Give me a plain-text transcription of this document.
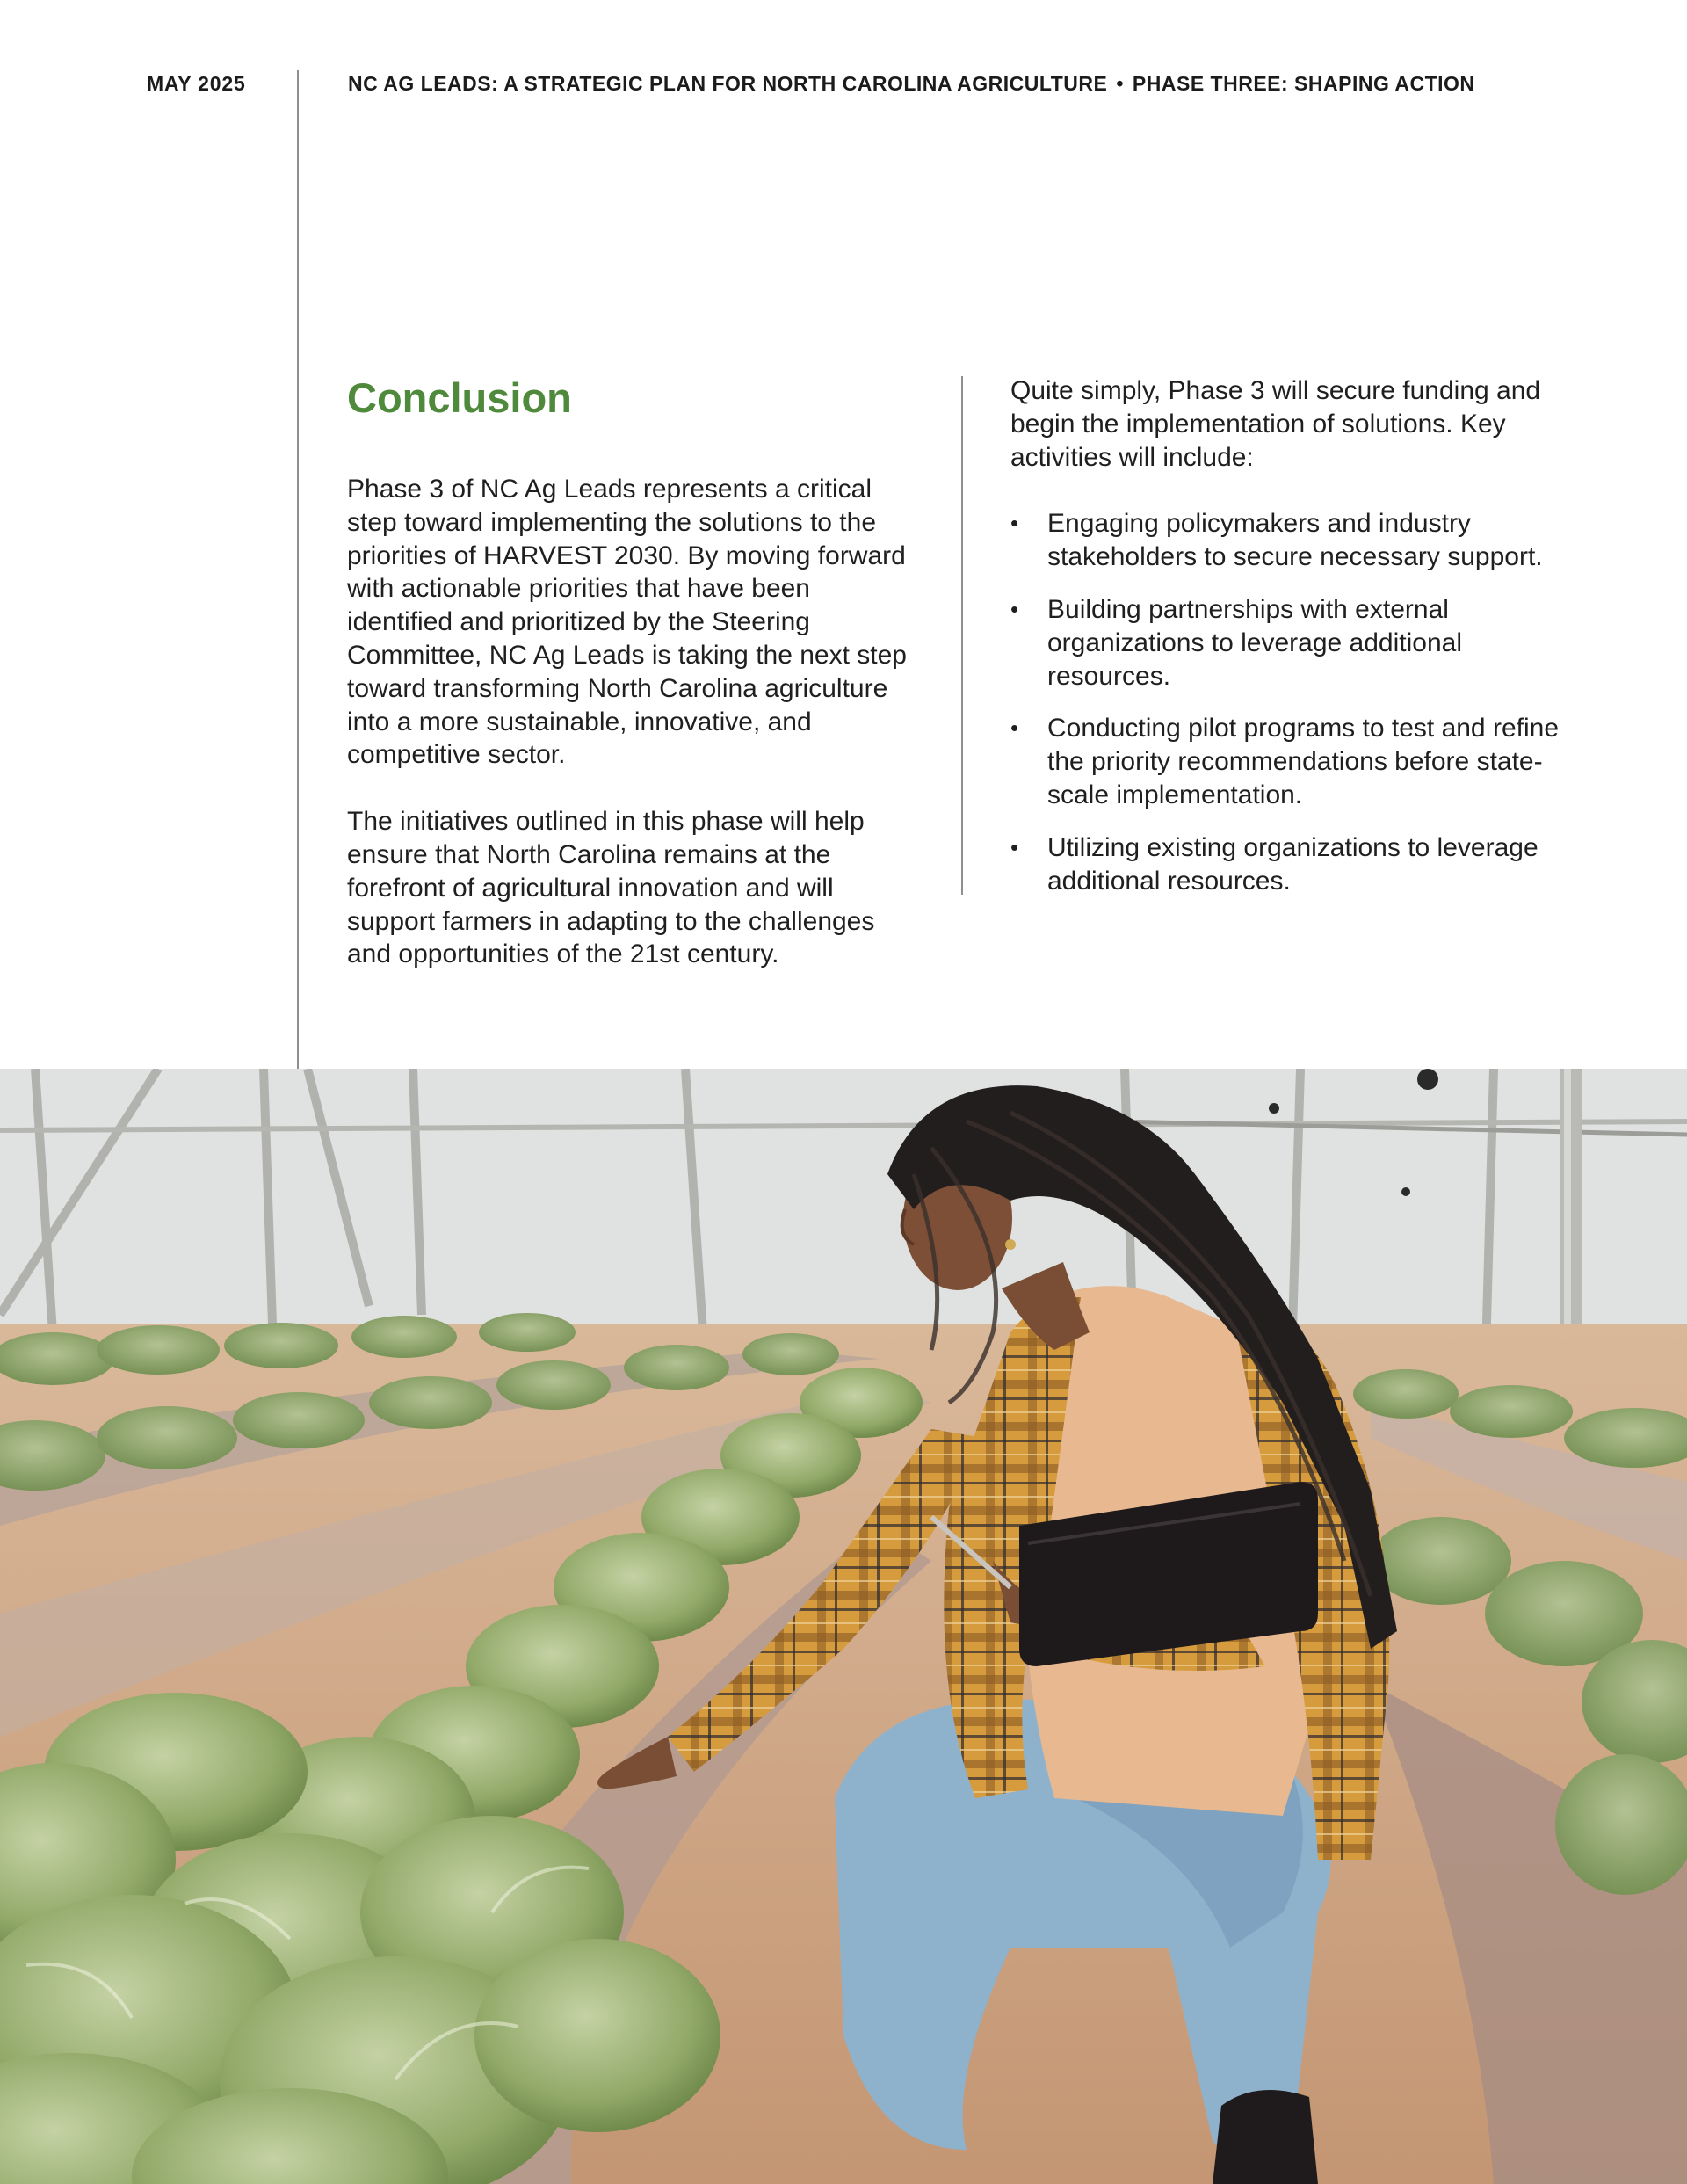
MAY 2025	NC AG LEADS: A STRATEGIC PLAN FOR NORTH CAROLINA AGRICULTURE • PHASE THREE: SHAPING ACTION
Conclusion

Phase 3 of NC Ag Leads represents a critical step toward implementing the solutions to the priorities of HARVEST 2030. By moving forward with actionable priorities that have been identified and prioritized by the Steering Committee, NC Ag Leads is taking the next step toward transforming North Carolina agriculture into a more sustainable, innovative, and competitive sector.

The initiatives outlined in this phase will help ensure that North Carolina remains at the forefront of agricultural innovation and will support farmers in adapting to the challenges and opportunities of the 21st century.

Quite simply, Phase 3 will secure funding and begin the implementation of solutions. Key activities will include:

• Engaging policymakers and industry stakeholders to secure necessary support.
• Building partnerships with external organizations to leverage additional resources.
• Conducting pilot programs to test and refine the priority recommendations before state-scale implementation.
• Utilizing existing organizations to leverage additional resources.
